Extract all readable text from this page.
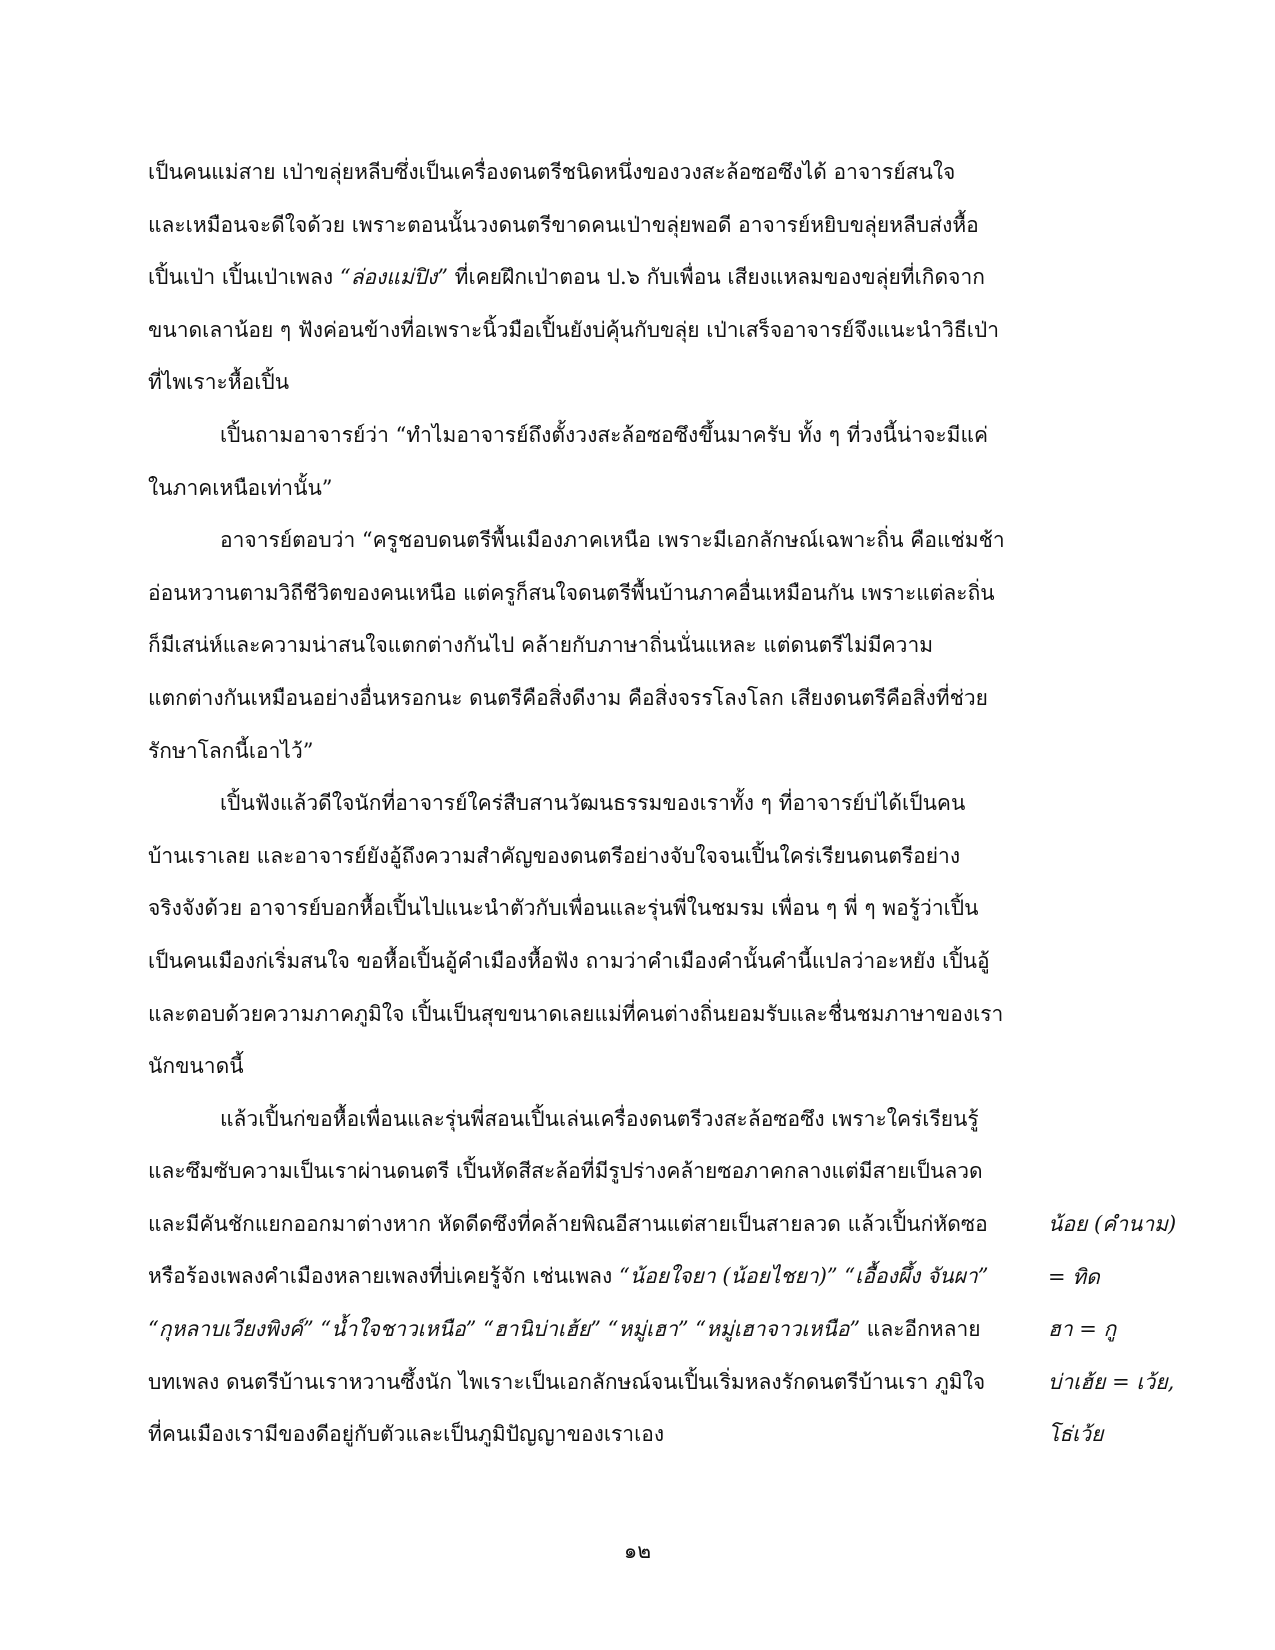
เป็นคนแม่สาย เป่าขลุ่ยหลีบซึ่งเป็นเครื่องดนตรีชนิดหนึ่งของวงสะล้อซอซึงได้ อาจารย์สนใจ
และเหมือนจะดีใจด้วย เพราะตอนนั้นวงดนตรีขาดคนเป่าขลุ่ยพอดี อาจารย์หยิบขลุ่ยหลีบส่งหื้อ
เปิ้นเป่า เปิ้นเป่าเพลง “ล่องแม่ปิง” ที่เคยฝึกเป่าตอน ป.๖ กับเพื่อน เสียงแหลมของขลุ่ยที่เกิดจาก
ขนาดเลาน้อย ๆ ฟังค่อนข้างที่อเพราะนิ้วมือเปิ้นยังบ่คุ้นกับขลุ่ย เป่าเสร็จอาจารย์จึงแนะนำวิธีเป่า
ที่ไพเราะหื้อเปิ้น
เปิ้นถามอาจารย์ว่า “ทำไมอาจารย์ถึงตั้งวงสะล้อซอซึงขึ้นมาครับ ทั้ง ๆ ที่วงนี้น่าจะมีแค่
ในภาคเหนือเท่านั้น”
อาจารย์ตอบว่า “ครูชอบดนตรีพื้นเมืองภาคเหนือ เพราะมีเอกลักษณ์เฉพาะถิ่น คือแช่มช้า
อ่อนหวานตามวิถีชีวิตของคนเหนือ แต่ครูก็สนใจดนตรีพื้นบ้านภาคอื่นเหมือนกัน เพราะแต่ละถิ่น
ก็มีเสน่ห์และความน่าสนใจแตกต่างกันไป คล้ายกับภาษาถิ่นนั่นแหละ แต่ดนตรีไม่มีความ
แตกต่างกันเหมือนอย่างอื่นหรอกนะ ดนตรีคือสิ่งดีงาม คือสิ่งจรรโลงโลก เสียงดนตรีคือสิ่งที่ช่วย
รักษาโลกนี้เอาไว้”
เปิ้นฟังแล้วดีใจนักที่อาจารย์ใคร่สืบสานวัฒนธรรมของเราทั้ง ๆ ที่อาจารย์บ่ได้เป็นคน
บ้านเราเลย และอาจารย์ยังอู้ถึงความสำคัญของดนตรีอย่างจับใจจนเปิ้นใคร่เรียนดนตรีอย่าง
จริงจังด้วย อาจารย์บอกหื้อเปิ้นไปแนะนำตัวกับเพื่อนและรุ่นพี่ในชมรม เพื่อน ๆ พี่ ๆ พอรู้ว่าเปิ้น
เป็นคนเมืองก่เริ่มสนใจ ขอหื้อเปิ้นอู้คำเมืองหื้อฟัง ถามว่าคำเมืองคำนั้นคำนี้แปลว่าอะหยัง เปิ้นอู้
และตอบด้วยความภาคภูมิใจ เปิ้นเป็นสุขขนาดเลยแม่ที่คนต่างถิ่นยอมรับและชื่นชมภาษาของเรา
นักขนาดนี้
แล้วเปิ้นก่ขอหื้อเพื่อนและรุ่นพี่สอนเปิ้นเล่นเครื่องดนตรีวงสะล้อซอซึง เพราะใคร่เรียนรู้
และซึมซับความเป็นเราผ่านดนตรี เปิ้นหัดสีสะล้อที่มีรูปร่างคล้ายซอภาคกลางแต่มีสายเป็นลวด
และมีคันชักแยกออกมาต่างหาก หัดดีดซึงที่คล้ายพิณอีสานแต่สายเป็นสายลวด แล้วเปิ้นก่หัดซอ
หรือร้องเพลงคำเมืองหลายเพลงที่บ่เคยรู้จัก เช่นเพลง “น้อยใจยา (น้อยไชยา)” “เอื้องผึ้ง จันผา”
“กุหลาบเวียงพิงค์” “น้ำใจชาวเหนือ” “ฮานิบ่าเฮ้ย” “หมู่เฮา” “หมู่เฮาจาวเหนือ” และอีกหลาย
บทเพลง ดนตรีบ้านเราหวานซึ้งนัก ไพเราะเป็นเอกลักษณ์จนเปิ้นเริ่มหลงรักดนตรีบ้านเรา ภูมิใจ
ที่คนเมืองเรามีของดีอยู่กับตัวและเป็นภูมิปัญญาของเราเอง
น้อย (คำนาม)
= ทิด
ฮา = กู
บ่าเฮ้ย = เว้ย,
โธ่เว้ย
๑๒
